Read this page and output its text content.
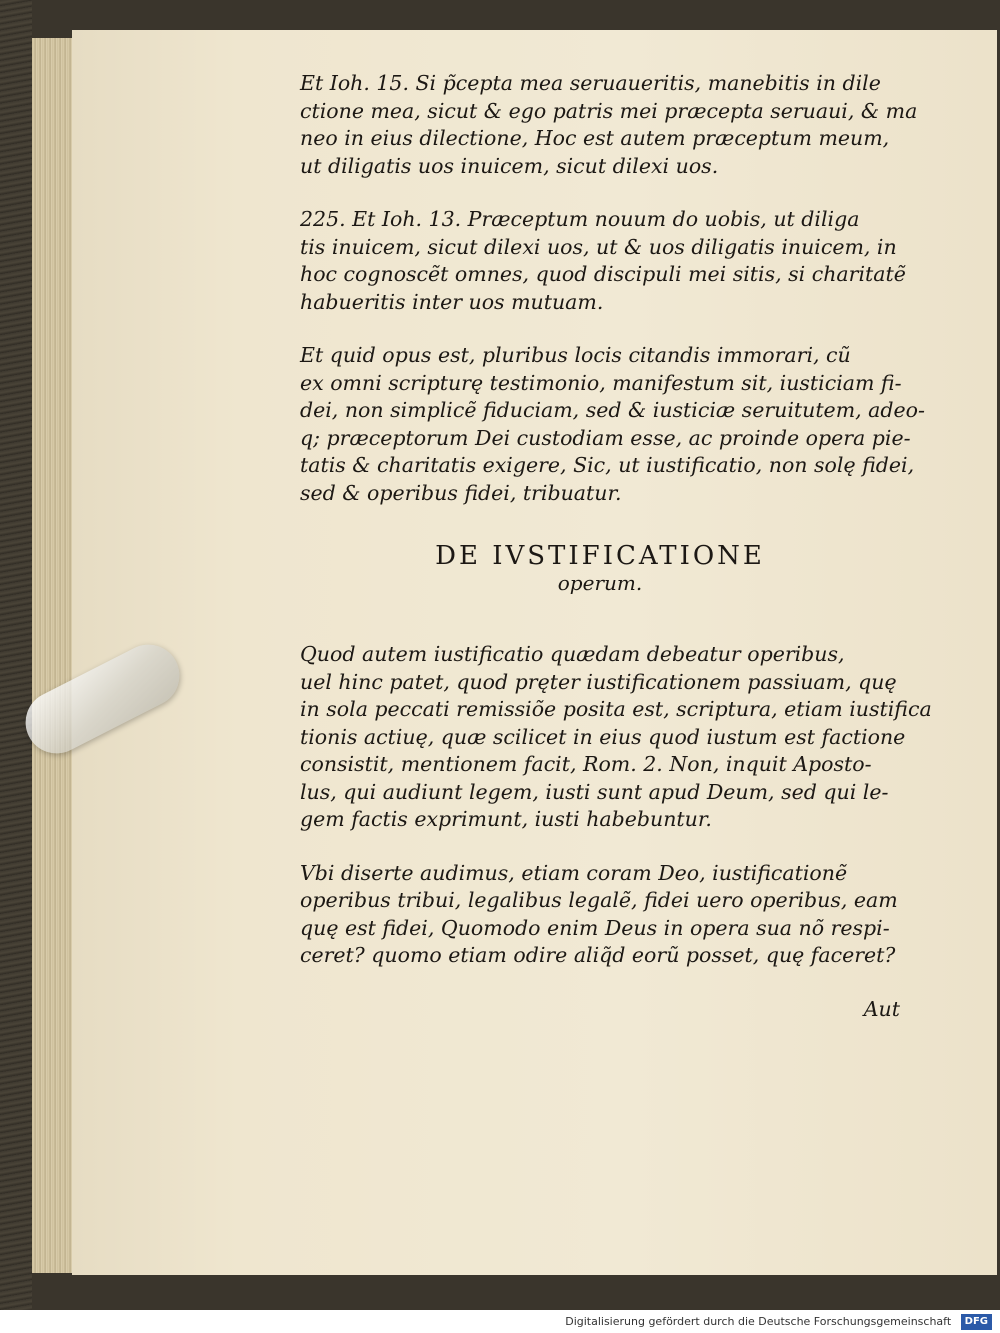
Et Ioh. 15. Si p̃cepta mea seruaueritis, manebitis in dile
ctione mea, sicut & ego patris mei præcepta seruaui, & ma
neo in eius dilectione, Hoc est autem præceptum meum,
ut diligatis uos inuicem, sicut dilexi uos.
225. Et Ioh. 13. Præceptum nouum do uobis, ut diliga
tis inuicem, sicut dilexi uos, ut & uos diligatis inuicem, in
hoc cognoscẽt omnes, quod discipuli mei sitis, si charitatẽ
habueritis inter uos mutuam.
Et quid opus est, pluribus locis citandis immorari, cũ
ex omni scripturę testimonio, manifestum sit, iusticiam fi-
dei, non simplicẽ fiduciam, sed & iusticiæ seruitutem, adeo-
q; præceptorum Dei custodiam esse, ac proinde opera pie-
tatis & charitatis exigere, Sic, ut iustificatio, non solę fidei,
sed & operibus fidei, tribuatur.
DE IVSTIFICATIONE
operum.
Quod autem iustificatio quædam debeatur operibus,
uel hinc patet, quod pręter iustificationem passiuam, quę
in sola peccati remissiõe posita est, scriptura, etiam iustifica
tionis actiuę, quæ scilicet in eius quod iustum est factione
consistit, mentionem facit, Rom. 2. Non, inquit Aposto-
lus, qui audiunt legem, iusti sunt apud Deum, sed qui le-
gem factis exprimunt, iusti habebuntur.
Vbi diserte audimus, etiam coram Deo, iustificationẽ
operibus tribui, legalibus legalẽ, fidei uero operibus, eam
quę est fidei, Quomodo enim Deus in opera sua nõ respi-
ceret? quomo etiam odire aliq̃d eorũ posset, quę faceret?
Aut
Digitalisierung gefördert durch die Deutsche Forschungsgemeinschaft DFG
